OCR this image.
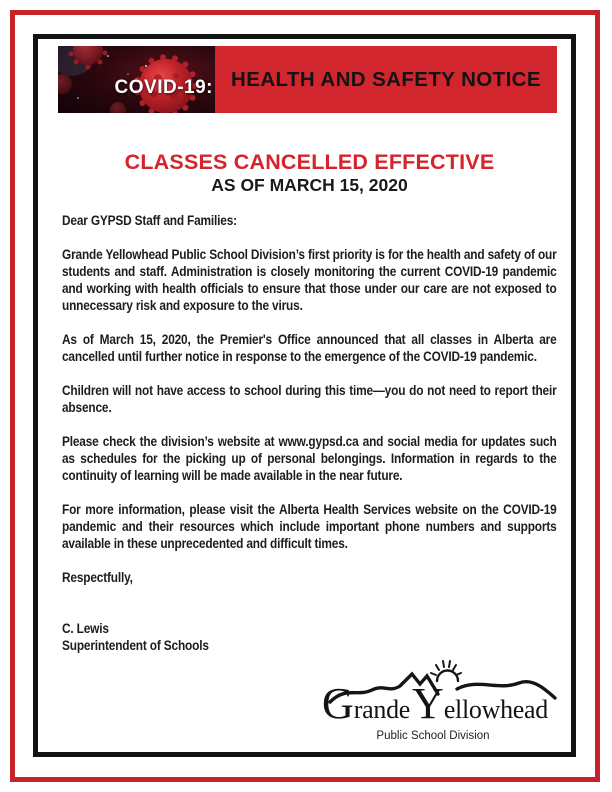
COVID-19: HEALTH AND SAFETY NOTICE
CLASSES CANCELLED EFFECTIVE
AS OF MARCH 15, 2020

Dear GYPSD Staff and Families:

Grande Yellowhead Public School Division’s first priority is for the health and safety of our students and staff. Administration is closely monitoring the current COVID-19 pandemic and working with health officials to ensure that those under our care are not exposed to unnecessary risk and exposure to the virus.

As of March 15, 2020, the Premier's Office announced that all classes in Alberta are cancelled until further notice in response to the emergence of the COVID-19 pandemic.

Children will not have access to school during this time—you do not need to report their absence.

Please check the division’s website at www.gypsd.ca and social media for updates such as schedules for the picking up of personal belongings. Information in regards to the continuity of learning will be made available in the near future.

For more information, please visit the Alberta Health Services website on the COVID-19 pandemic and their resources which include important phone numbers and supports available in these unprecedented and difficult times.

Respectfully,

C. Lewis
Superintendent of Schools
GrandeYellowhead
Public School Division
